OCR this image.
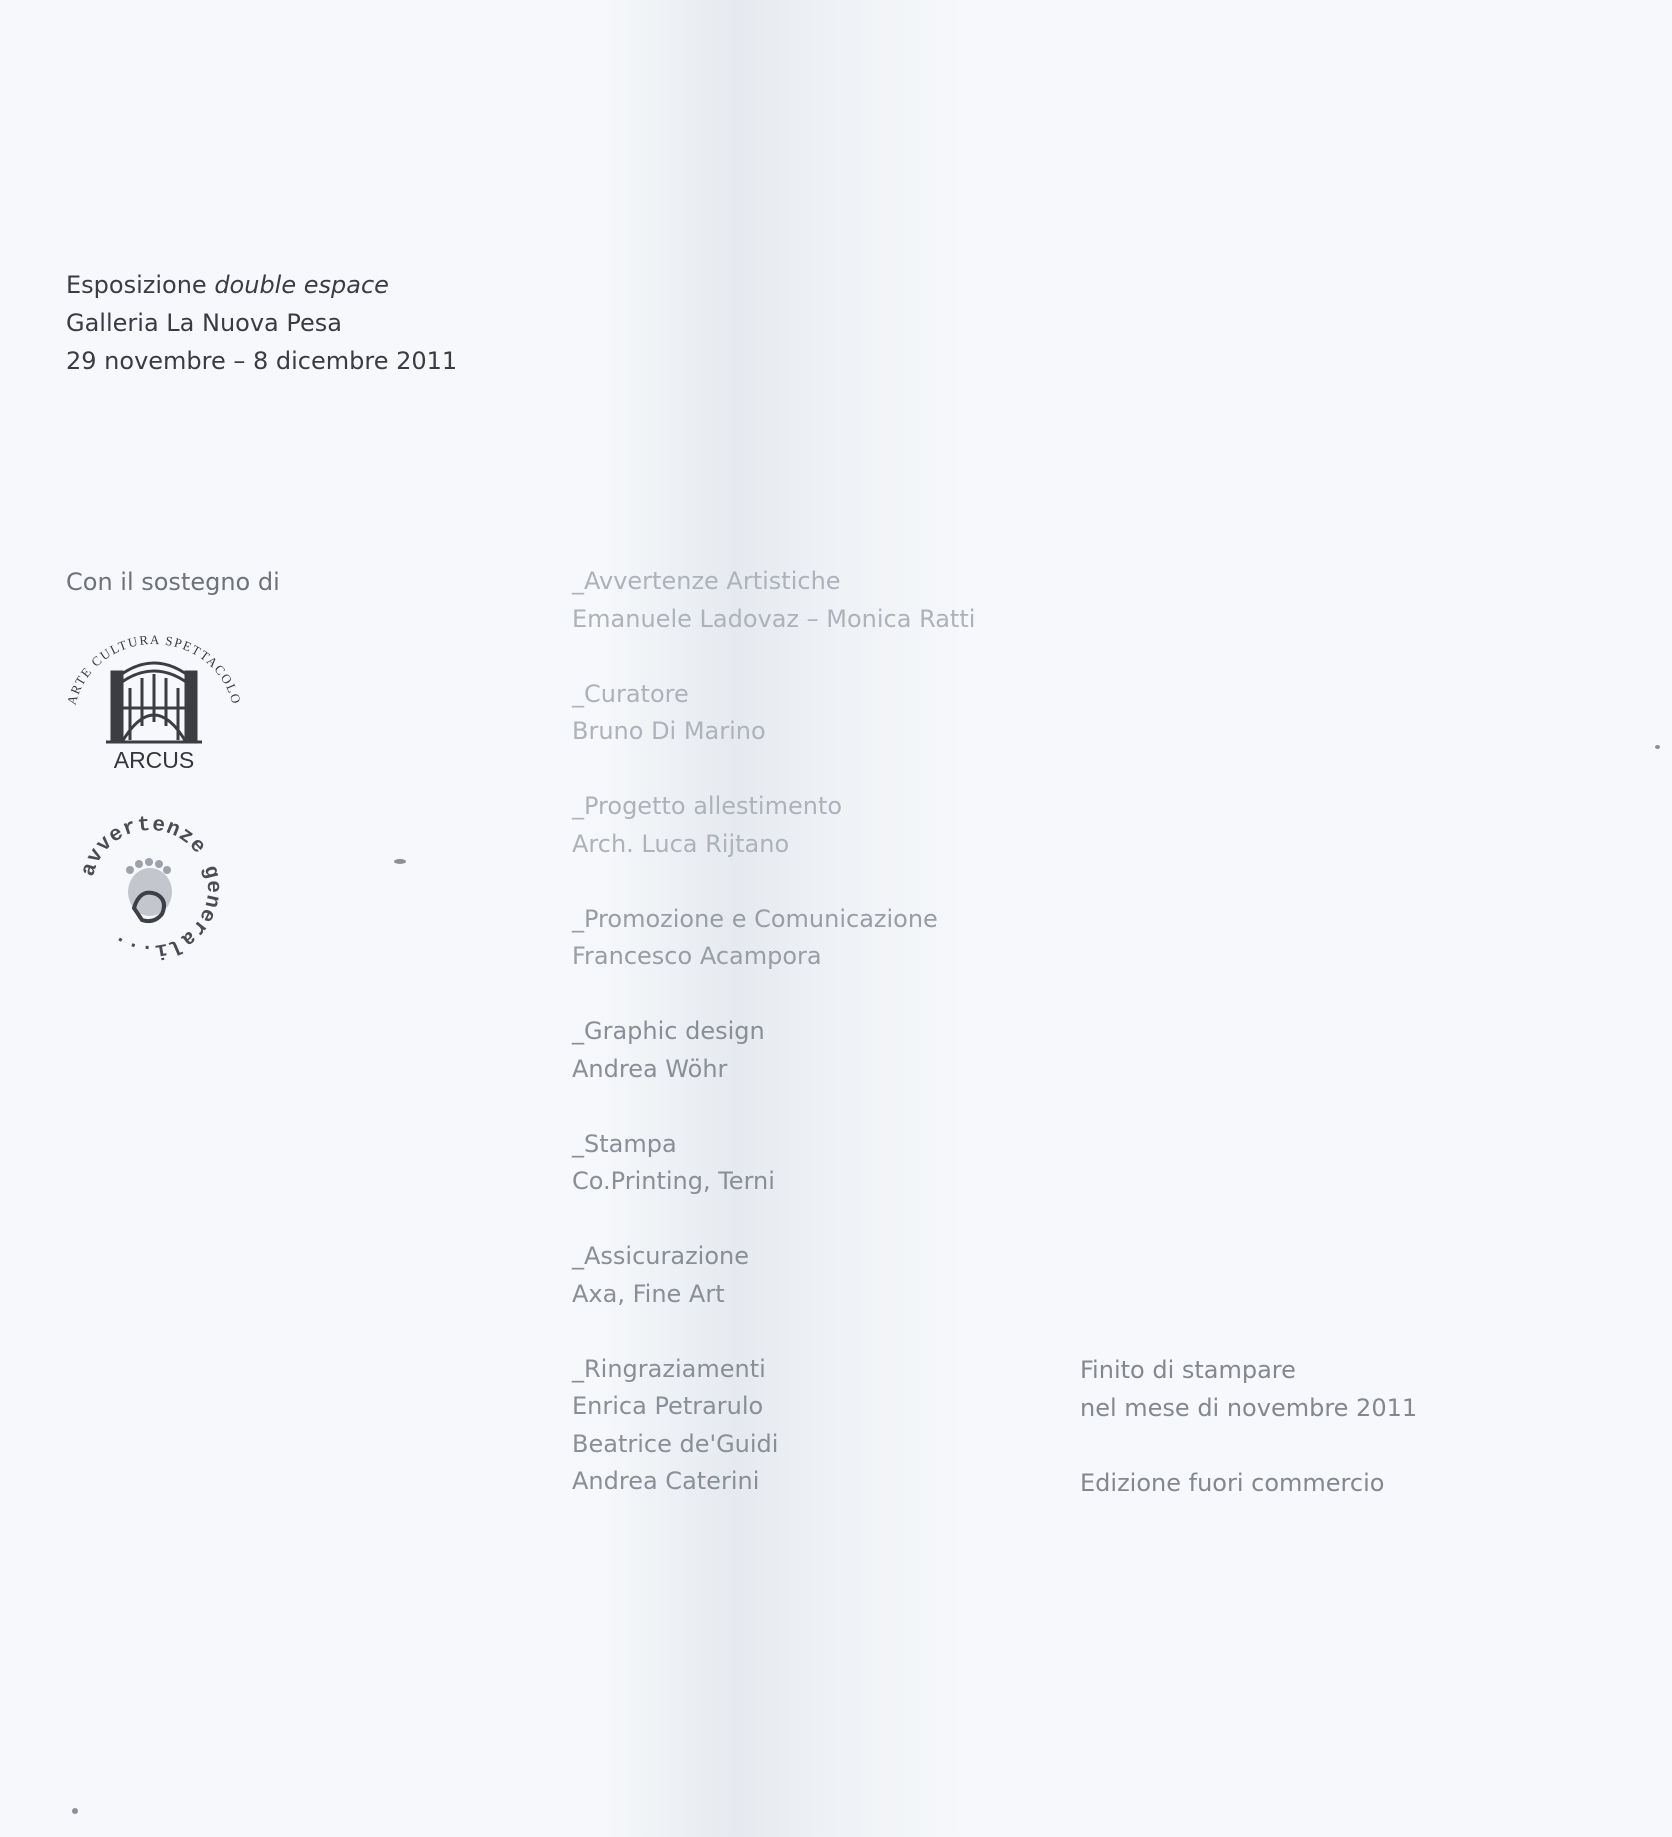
Esposizione double espace
Galleria La Nuova Pesa
29 novembre – 8 dicembre 2011
Con il sostegno di
ARTE CULTURA SPETTACOLO
ARCUS
avvertenze generali...
_Avvertenze Artistiche
Emanuele Ladovaz – Monica Ratti
_Curatore
Bruno Di Marino
_Progetto allestimento
Arch. Luca Rijtano
_Promozione e Comunicazione
Francesco Acampora
_Graphic design
Andrea Wöhr
_Stampa
Co.Printing, Terni
_Assicurazione
Axa, Fine Art
_Ringraziamenti
Enrica Petrarulo
Beatrice de'Guidi
Andrea Caterini
Finito di stampare
nel mese di novembre 2011
Edizione fuori commercio
